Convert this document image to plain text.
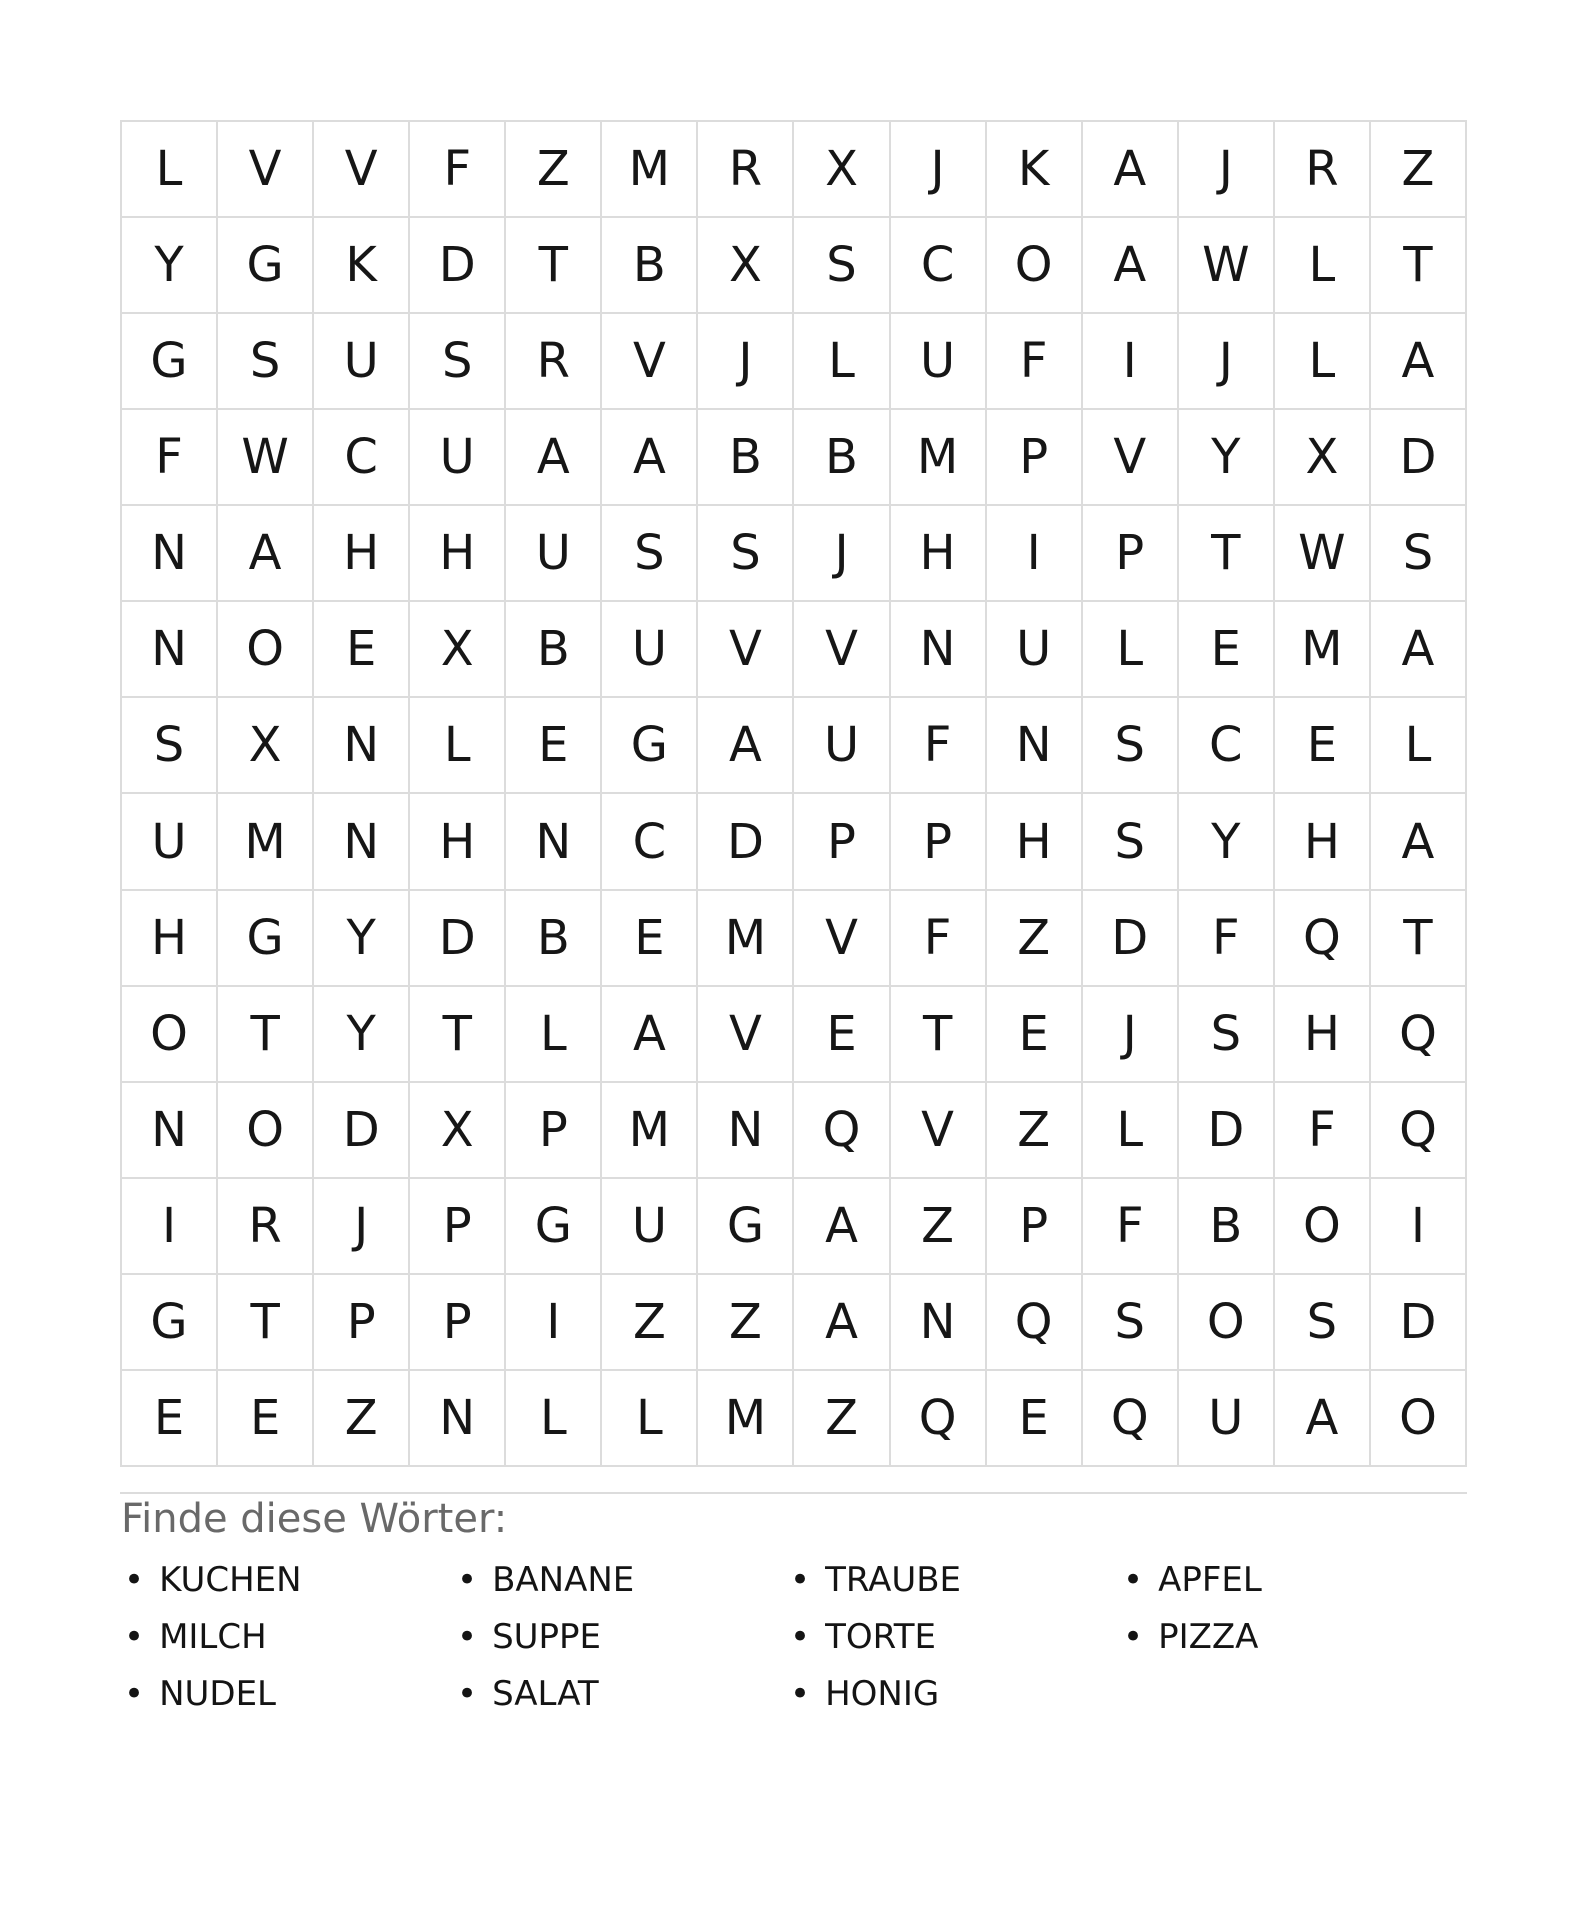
L	V	V	F	Z	M	R	X	J	K	A	J	R	Z
Y	G	K	D	T	B	X	S	C	O	A	W	L	T
G	S	U	S	R	V	J	L	U	F	I	J	L	A
F	W	C	U	A	A	B	B	M	P	V	Y	X	D
N	A	H	H	U	S	S	J	H	I	P	T	W	S
N	O	E	X	B	U	V	V	N	U	L	E	M	A
S	X	N	L	E	G	A	U	F	N	S	C	E	L
U	M	N	H	N	C	D	P	P	H	S	Y	H	A
H	G	Y	D	B	E	M	V	F	Z	D	F	Q	T
O	T	Y	T	L	A	V	E	T	E	J	S	H	Q
N	O	D	X	P	M	N	Q	V	Z	L	D	F	Q
I	R	J	P	G	U	G	A	Z	P	F	B	O	I
G	T	P	P	I	Z	Z	A	N	Q	S	O	S	D
E	E	Z	N	L	L	M	Z	Q	E	Q	U	A	O
Finde diese Wörter:
• KUCHEN
• MILCH
• NUDEL
• BANANE
• SUPPE
• SALAT
• TRAUBE
• TORTE
• HONIG
• APFEL
• PIZZA
